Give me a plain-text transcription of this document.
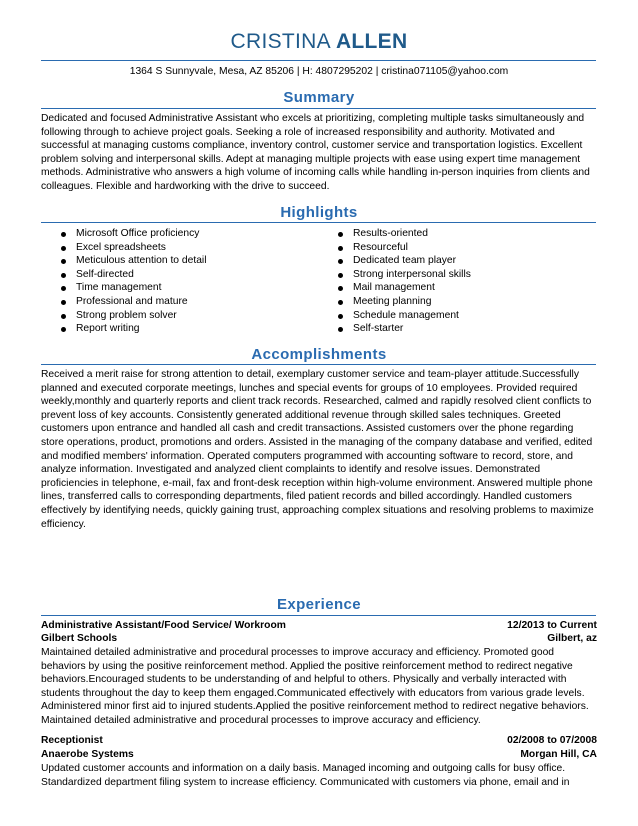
CRISTINA ALLEN
1364 S Sunnyvale, Mesa, AZ 85206 | H: 4807295202 | cristina071105@yahoo.com
Summary

Dedicated and focused Administrative Assistant who excels at prioritizing, completing multiple tasks simultaneously and following through to achieve project goals. Seeking a role of increased responsibility and authority. Motivated and successful at managing customs compliance, inventory control, customer service and transportation logistics. Excellent problem solving and interpersonal skills. Adept at managing multiple projects with ease using expert time management methods. Administrative who answers a high volume of incoming calls while handling in-person inquiries from clients and colleagues. Flexible and hardworking with the drive to succeed.

Highlights
Microsoft Office proficiency
Excel spreadsheets
Meticulous attention to detail
Self-directed
Time management
Professional and mature
Strong problem solver
Report writing
Results-oriented
Resourceful
Dedicated team player
Strong interpersonal skills
Mail management
Meeting planning
Schedule management
Self-starter
Accomplishments

Received a merit raise for strong attention to detail, exemplary customer service and team-player attitude.Successfully planned and executed corporate meetings, lunches and special events for groups of 10 employees. Provided required weekly,monthly and quarterly reports and client track records. Researched, calmed and rapidly resolved client conflicts to prevent loss of key accounts. Consistently generated additional revenue through skilled sales techniques. Greeted customers upon entrance and handled all cash and credit transactions. Assisted customers over the phone regarding store operations, product, promotions and orders. Assisted in the managing of the company database and verified, edited and modified members' information. Operated computers programmed with accounting software to record, store, and analyze information. Investigated and analyzed client complaints to identify and resolve issues. Demonstrated proficiencies in telephone, e-mail, fax and front-desk reception within high-volume environment. Answered multiple phone lines, transferred calls to corresponding departments, filed patient records and billed accordingly. Handled customers effectively by identifying needs, quickly gaining trust, approaching complex situations and resolving problems to maximize efficiency.

Experience
Administrative Assistant/Food Service/ Workroom	12/2013 to Current
Gilbert Schools	Gilbert, az

Maintained detailed administrative and procedural processes to improve accuracy and efficiency. Promoted good behaviors by using the positive reinforcement method. Applied the positive reinforcement method to redirect negative behaviors.Encouraged students to be understanding of and helpful to others. Physically and verbally interacted with students throughout the day to keep them engaged.Communicated effectively with educators from various grade levels. Administered minor first aid to injured students.Applied the positive reinforcement method to redirect negative behaviors. Maintained detailed administrative and procedural processes to improve accuracy and efficiency.

Receptionist	02/2008 to 07/2008
Anaerobe Systems	Morgan Hill, CA

Updated customer accounts and information on a daily basis. Managed incoming and outgoing calls for busy office. Standardized department filing system to increase efficiency. Communicated with customers via phone, email and in
